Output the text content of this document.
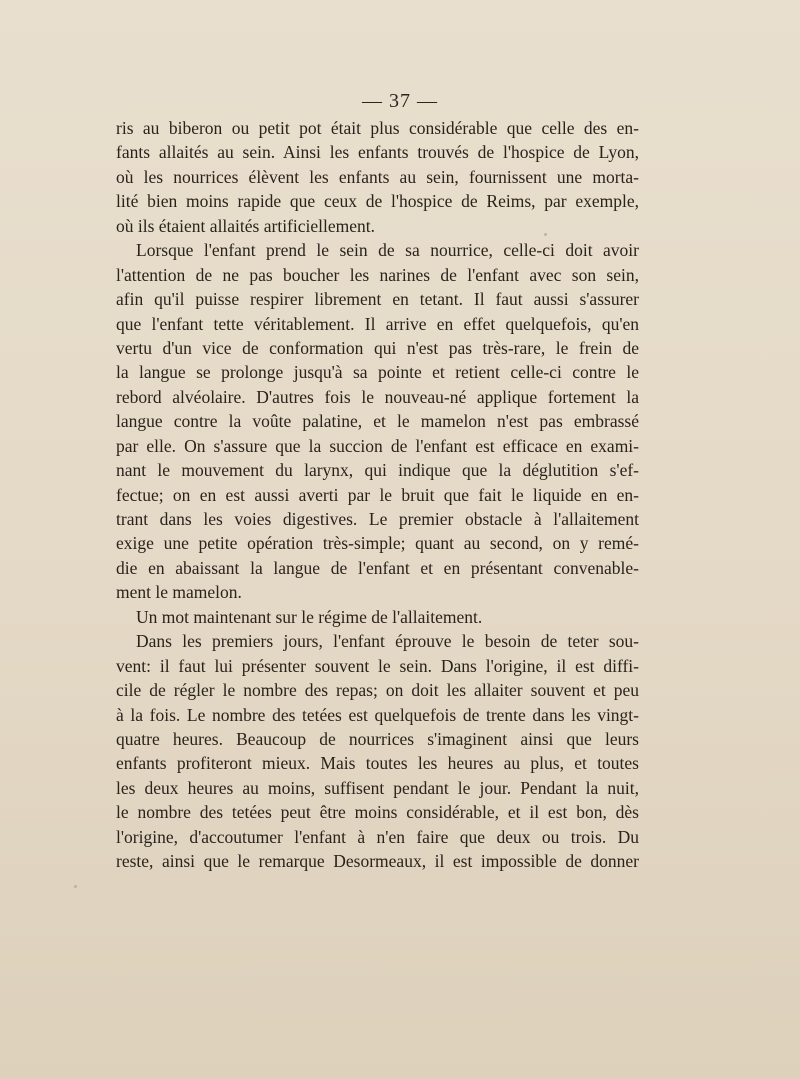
— 37 —
ris au biberon ou petit pot était plus considérable que celle des en-
fants allaités au sein. Ainsi les enfants trouvés de l'hospice de Lyon,
où les nourrices élèvent les enfants au sein, fournissent une morta-
lité bien moins rapide que ceux de l'hospice de Reims, par exemple,
où ils étaient allaités artificiellement.
Lorsque l'enfant prend le sein de sa nourrice, celle-ci doit avoir
l'attention de ne pas boucher les narines de l'enfant avec son sein,
afin qu'il puisse respirer librement en tetant. Il faut aussi s'assurer
que l'enfant tette véritablement. Il arrive en effet quelquefois, qu'en
vertu d'un vice de conformation qui n'est pas très-rare, le frein de
la langue se prolonge jusqu'à sa pointe et retient celle-ci contre le
rebord alvéolaire. D'autres fois le nouveau-né applique fortement la
langue contre la voûte palatine, et le mamelon n'est pas embrassé
par elle. On s'assure que la succion de l'enfant est efficace en exami-
nant le mouvement du larynx, qui indique que la déglutition s'ef-
fectue; on en est aussi averti par le bruit que fait le liquide en en-
trant dans les voies digestives. Le premier obstacle à l'allaitement
exige une petite opération très-simple; quant au second, on y remé-
die en abaissant la langue de l'enfant et en présentant convenable-
ment le mamelon.
Un mot maintenant sur le régime de l'allaitement.
Dans les premiers jours, l'enfant éprouve le besoin de teter sou-
vent: il faut lui présenter souvent le sein. Dans l'origine, il est diffi-
cile de régler le nombre des repas; on doit les allaiter souvent et peu
à la fois. Le nombre des tetées est quelquefois de trente dans les vingt-
quatre heures. Beaucoup de nourrices s'imaginent ainsi que leurs
enfants profiteront mieux. Mais toutes les heures au plus, et toutes
les deux heures au moins, suffisent pendant le jour. Pendant la nuit,
le nombre des tetées peut être moins considérable, et il est bon, dès
l'origine, d'accoutumer l'enfant à n'en faire que deux ou trois. Du
reste, ainsi que le remarque Desormeaux, il est impossible de donner
